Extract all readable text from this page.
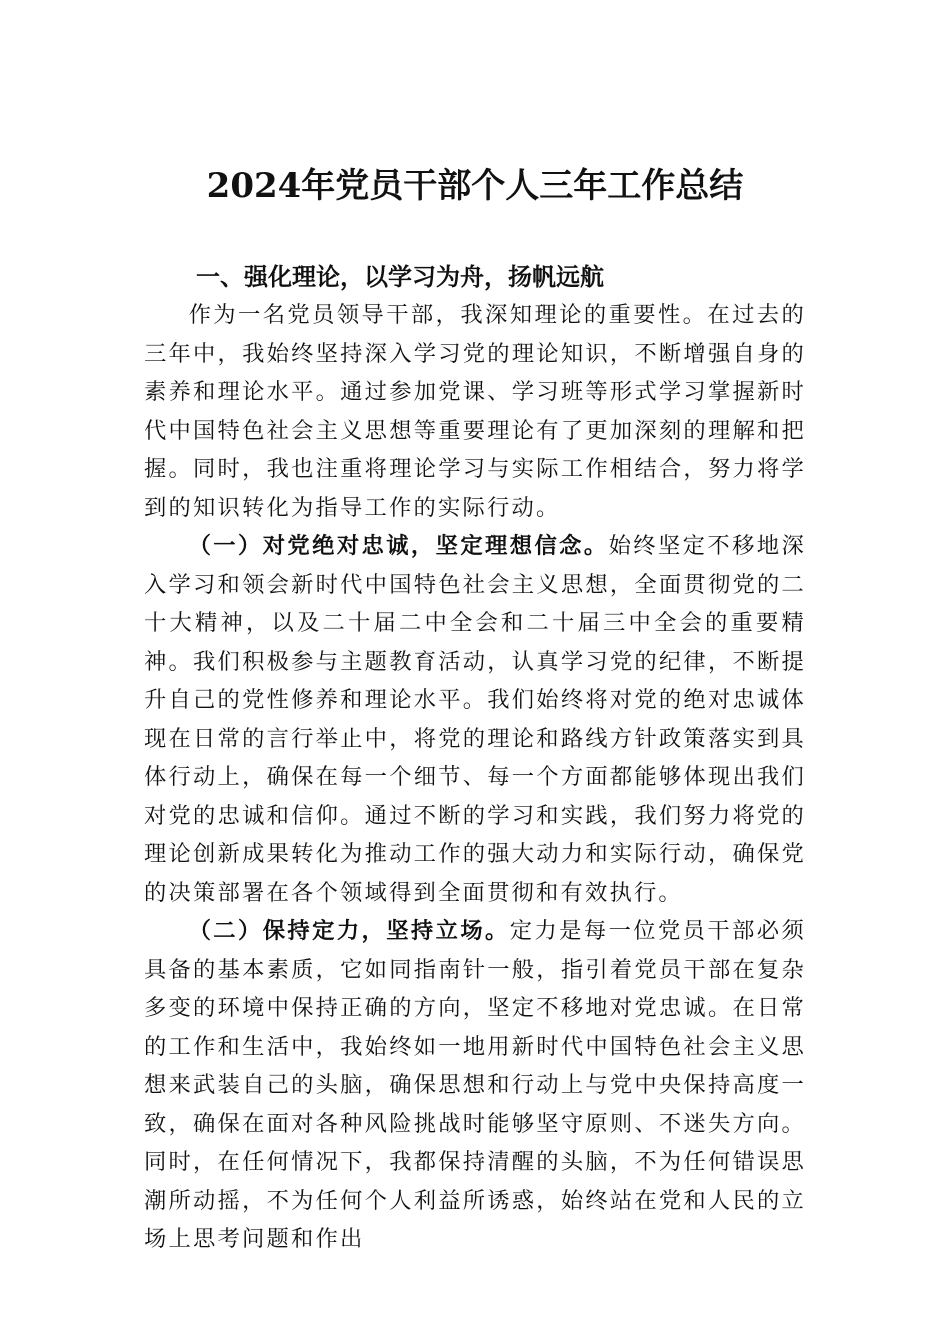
2024年党员干部个人三年工作总结
一、强化理论，以学习为舟，扬帆远航

作为一名党员领导干部，我深知理论的重要性。在过去的三年中，我始终坚持深入学习党的理论知识，不断增强自身的素养和理论水平。通过参加党课、学习班等形式学习掌握新时代中国特色社会主义思想等重要理论有了更加深刻的理解和把握。同时，我也注重将理论学习与实际工作相结合，努力将学到的知识转化为指导工作的实际行动。

（一）对党绝对忠诚，坚定理想信念。始终坚定不移地深入学习和领会新时代中国特色社会主义思想，全面贯彻党的二十大精神，以及二十届二中全会和二十届三中全会的重要精神。我们积极参与主题教育活动，认真学习党的纪律，不断提升自己的党性修养和理论水平。我们始终将对党的绝对忠诚体现在日常的言行举止中，将党的理论和路线方针政策落实到具体行动上，确保在每一个细节、每一个方面都能够体现出我们对党的忠诚和信仰。通过不断的学习和实践，我们努力将党的理论创新成果转化为推动工作的强大动力和实际行动，确保党的决策部署在各个领域得到全面贯彻和有效执行。

（二）保持定力，坚持立场。定力是每一位党员干部必须具备的基本素质，它如同指南针一般，指引着党员干部在复杂多变的环境中保持正确的方向，坚定不移地对党忠诚。在日常的工作和生活中，我始终如一地用新时代中国特色社会主义思想来武装自己的头脑，确保思想和行动上与党中央保持高度一致，确保在面对各种风险挑战时能够坚守原则、不迷失方向。同时，在任何情况下，我都保持清醒的头脑，不为任何错误思潮所动摇，不为任何个人利益所诱惑，始终站在党和人民的立场上思考问题和作出
